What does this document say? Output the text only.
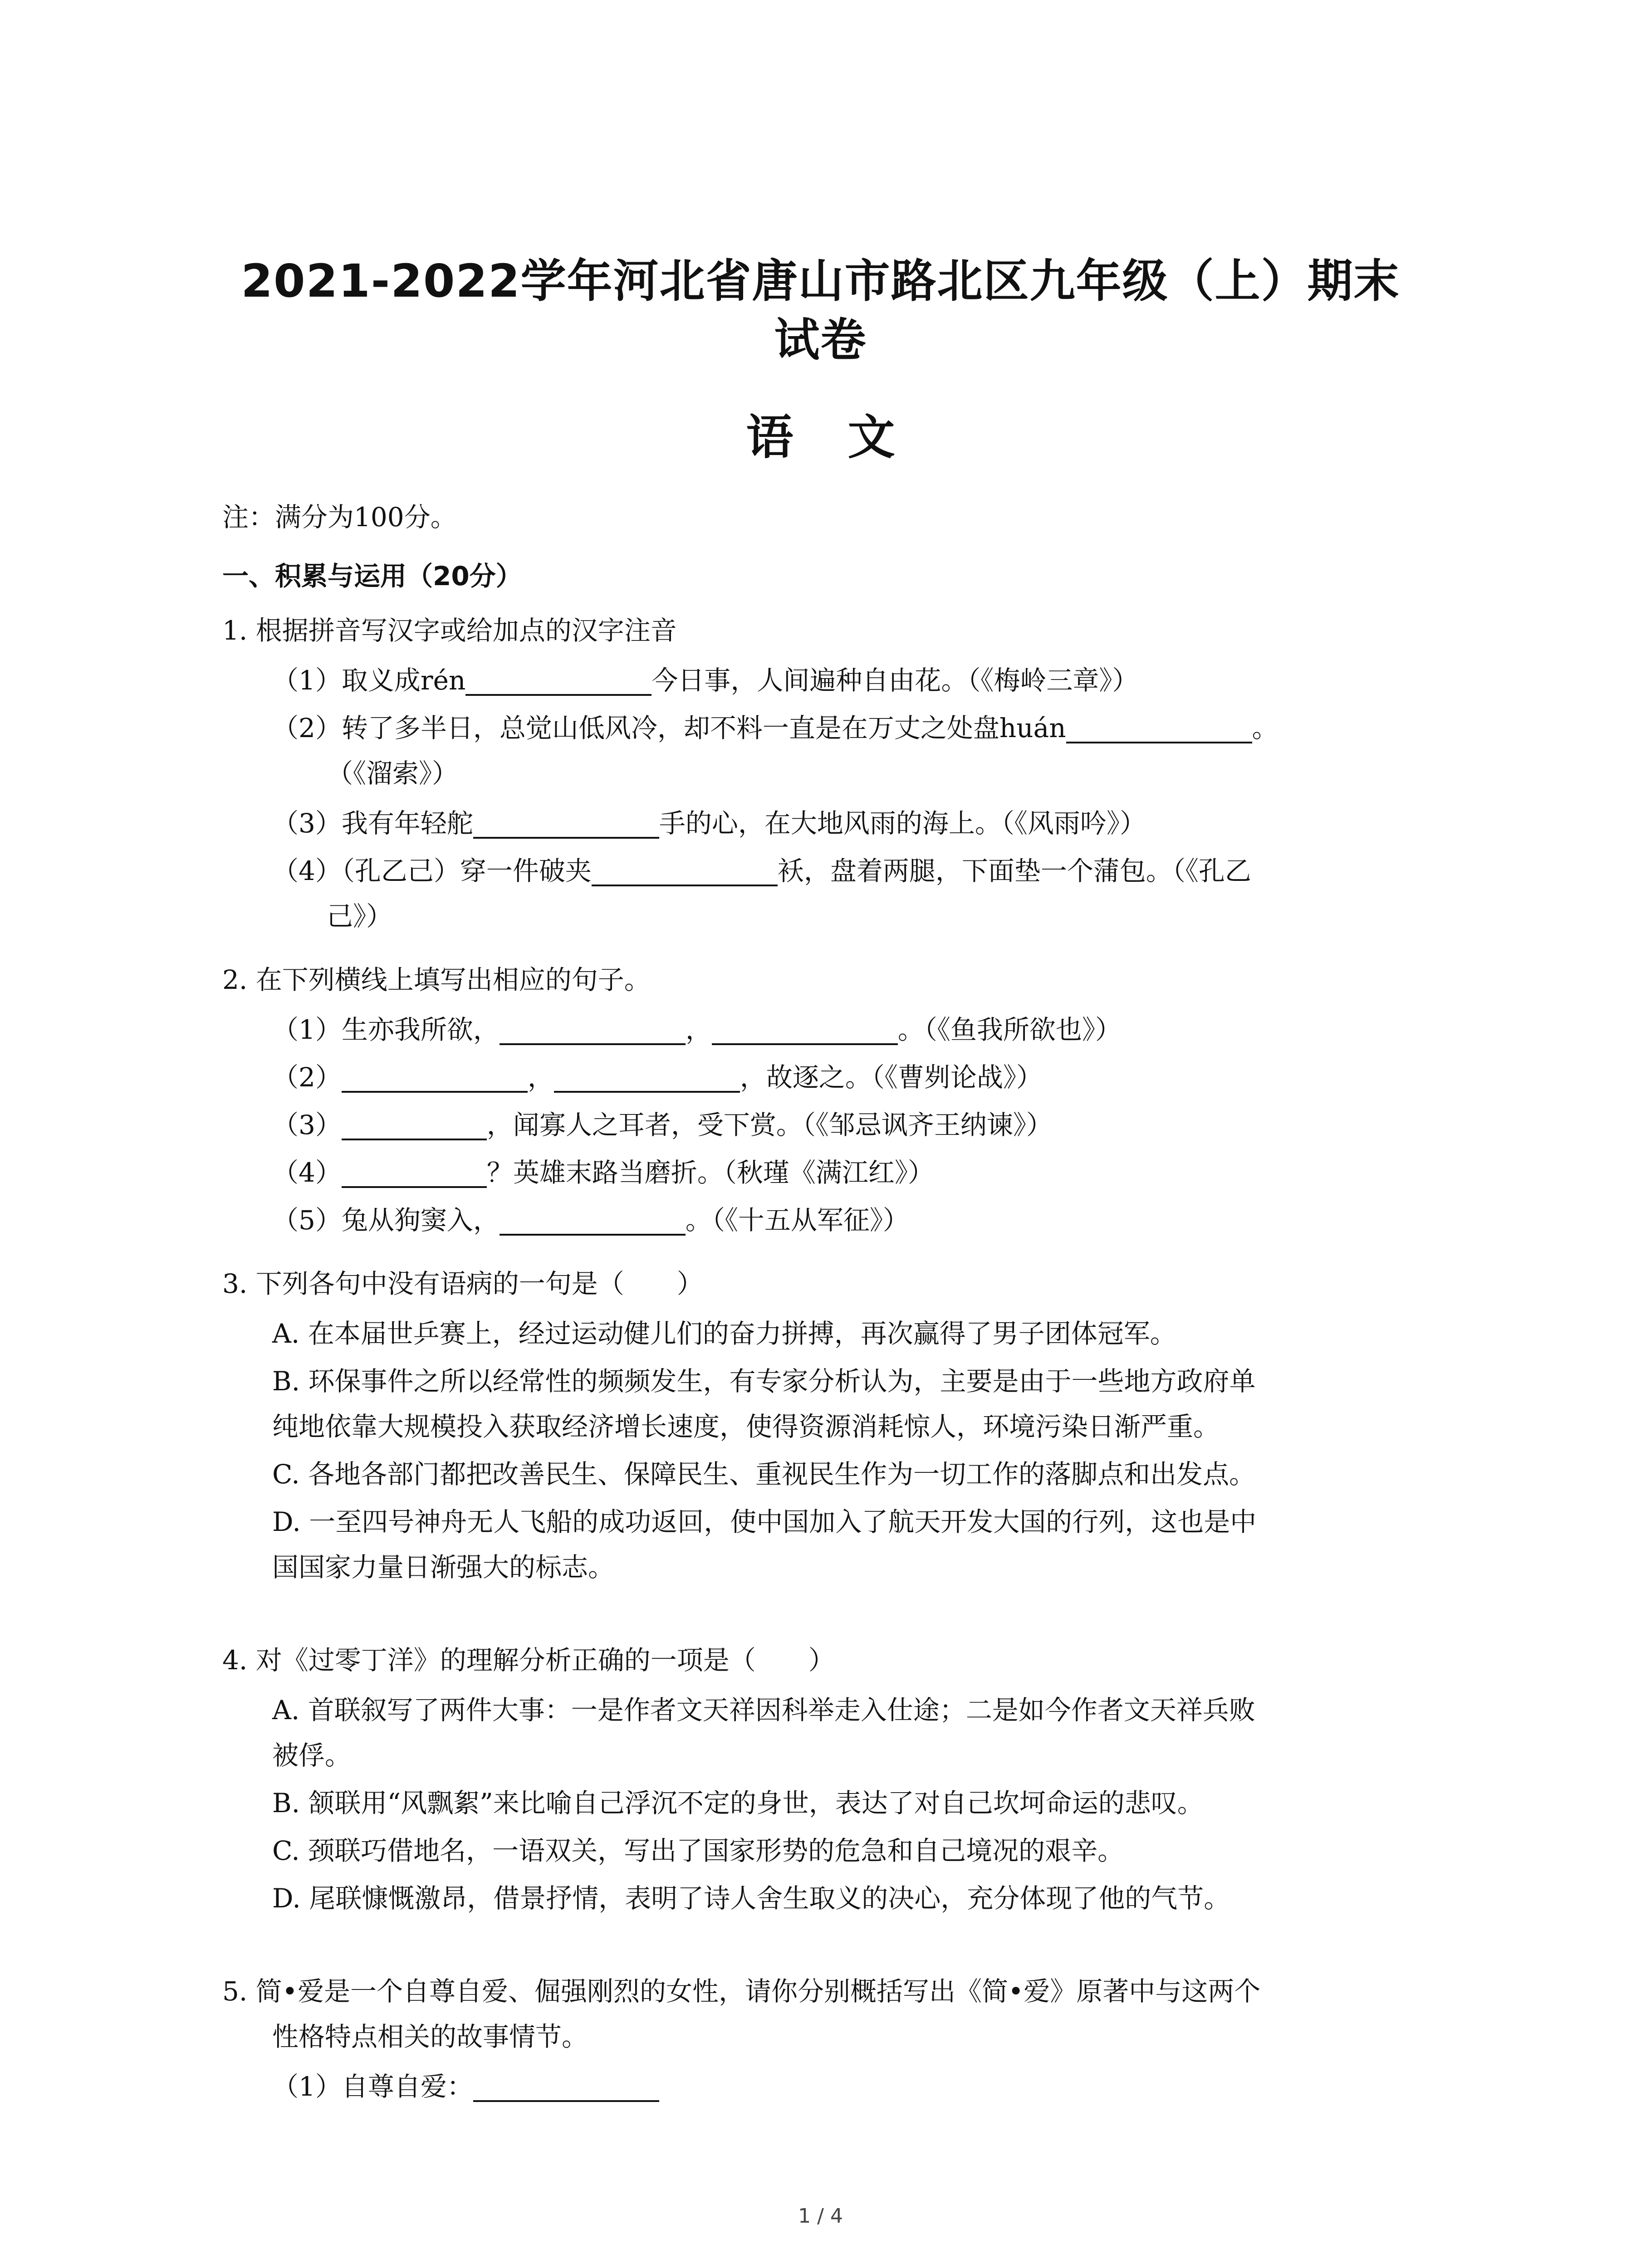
2021-2022学年河北省唐山市路北区九年级（上）期末
试卷
语文
注：满分为100分。
一、积累与运用（20分）
1. 根据拼音写汉字或给加点的汉字注音
（1）取义成rén	今日事，人间遍种自由花。（《梅岭三章》）
（2）转了多半日，总觉山低风冷，却不料一直是在万丈之处盘huán	。
（《溜索》）
（3）我有年轻舵	手的心，在大地风雨的海上。（《风雨吟》）
（4）（孔乙己）穿一件破夹	袄，盘着两腿，下面垫一个蒲包。（《孔乙
己》）
2. 在下列横线上填写出相应的句子。
（1）生亦我所欲，	，	。（《鱼我所欲也》）
（2）	，	，故逐之。（《曹刿论战》）
（3）	，闻寡人之耳者，受下赏。（《邹忌讽齐王纳谏》）
（4）	？英雄末路当磨折。（秋瑾《满江红》）
（5）兔从狗窦入，	。（《十五从军征》）
3. 下列各句中没有语病的一句是（　　）
A. 在本届世乒赛上，经过运动健儿们的奋力拼搏，再次赢得了男子团体冠军。
B. 环保事件之所以经常性的频频发生，有专家分析认为，主要是由于一些地方政府单
纯地依靠大规模投入获取经济增长速度，使得资源消耗惊人，环境污染日渐严重。
C. 各地各部门都把改善民生、保障民生、重视民生作为一切工作的落脚点和出发点。
D. 一至四号神舟无人飞船的成功返回，使中国加入了航天开发大国的行列，这也是中
国国家力量日渐强大的标志。
4. 对《过零丁洋》的理解分析正确的一项是（　　）
A. 首联叙写了两件大事：一是作者文天祥因科举走入仕途；二是如今作者文天祥兵败
被俘。
B. 颔联用“风飘絮”来比喻自己浮沉不定的身世，表达了对自己坎坷命运的悲叹。
C. 颈联巧借地名，一语双关，写出了国家形势的危急和自己境况的艰辛。
D. 尾联慷慨激昂，借景抒情，表明了诗人舍生取义的决心，充分体现了他的气节。
5. 简•爱是一个自尊自爱、倔强刚烈的女性，请你分别概括写出《简•爱》原著中与这两个
性格特点相关的故事情节。
（1）自尊自爱：
1 / 4
